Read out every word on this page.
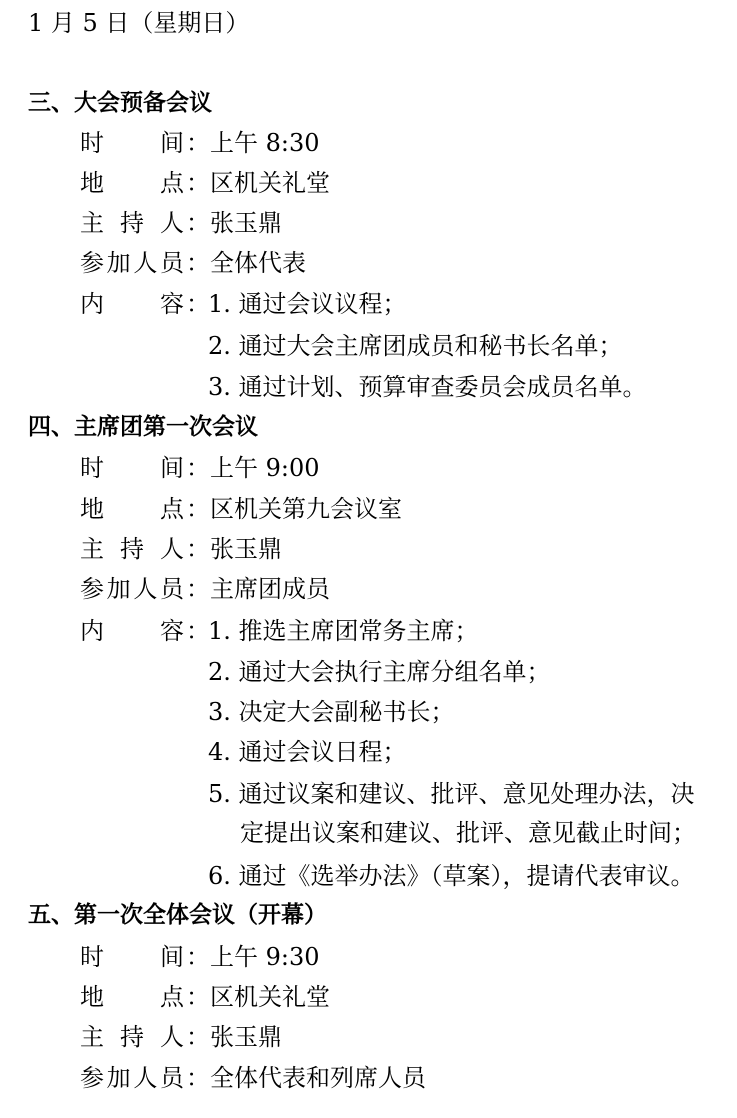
1 月 5 日（星期日）
三、大会预备会议
时 间 ： 上午 8:30
地 点 ： 区机关礼堂
主 持 人 ： 张玉鼎
参 加 人 员 ： 全体代表
内 容 ：
1. 通过会议议程；
2. 通过大会主席团成员和秘书长名单；
3. 通过计划、预算审查委员会成员名单。
四、主席团第一次会议
时 间 ： 上午 9:00
地 点 ： 区机关第九会议室
主 持 人 ： 张玉鼎
参 加 人 员 ： 主席团成员
内 容 ：
1. 推选主席团常务主席；
2. 通过大会执行主席分组名单；
3. 决定大会副秘书长；
4. 通过会议日程；
5. 通过议案和建议、批评、意见处理办法，决
定提出议案和建议、批评、意见截止时间；
6. 通过《选举办法》（草案），提请代表审议。
五、第一次全体会议（开幕）
时 间 ： 上午 9:30
地 点 ： 区机关礼堂
主 持 人 ： 张玉鼎
参 加 人 员 ： 全体代表和列席人员
